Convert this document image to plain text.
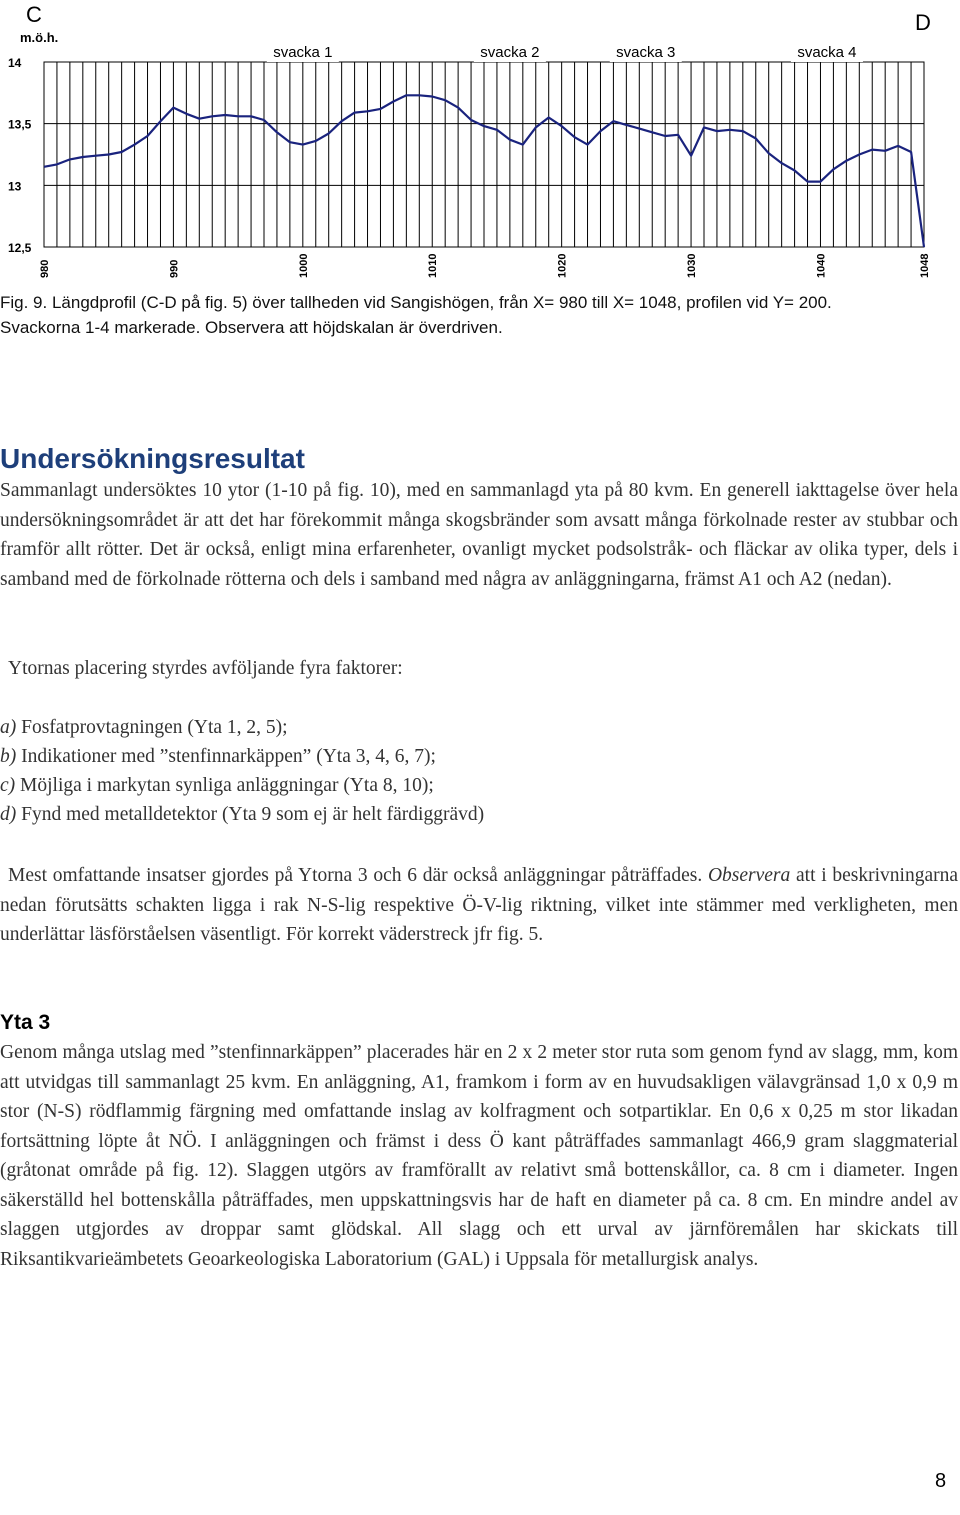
C	D
m.ö.h.
14
13,5
13
12,5
980	990	1000	1010	1020	1030	1040	1048
svacka 1	svacka 2	svacka 3	svacka 4
Fig. 9. Längdprofil (C-D på fig. 5) över tallheden vid Sangishögen, från X= 980 till X= 1048, profilen vid Y= 200.
Svackorna 1-4 markerade. Observera att höjdskalan är överdriven.
Undersökningsresultat
Sammanlagt undersöktes 10 ytor (1-10 på fig. 10), med en sammanlagd yta på 80 kvm. En generell iakttagelse över hela undersökningsområdet är att det har förekommit många skogsbränder som avsatt många förkolnade rester av stubbar och framför allt rötter. Det är också, enligt mina erfarenheter, ovanligt mycket podsolstråk- och fläckar av olika typer, dels i samband med de förkolnade rötterna och dels i samband med några av anläggningarna, främst A1 och A2 (nedan).
Ytornas placering styrdes avföljande fyra faktorer:
a) Fosfatprovtagningen (Yta 1, 2, 5);
b) Indikationer med ”stenfinnarkäppen” (Yta 3, 4, 6, 7);
c) Möjliga i markytan synliga anläggningar (Yta 8, 10);
d) Fynd med metalldetektor (Yta 9 som ej är helt färdiggrävd)
Mest omfattande insatser gjordes på Ytorna 3 och 6 där också anläggningar påträffades. Observera att i beskrivningarna nedan förutsätts schakten ligga i rak N-S-lig respektive Ö-V-lig riktning, vilket inte stämmer med verkligheten, men underlättar läsförståelsen väsentligt. För korrekt väderstreck jfr fig. 5.
Yta 3
Genom många utslag med ”stenfinnarkäppen” placerades här en 2 x 2 meter stor ruta som genom fynd av slagg, mm, kom att utvidgas till sammanlagt 25 kvm. En anläggning, A1, framkom i form av en huvudsakligen välavgränsad 1,0 x 0,9 m stor (N-S) rödflammig färgning med omfattande inslag av kolfragment och sotpartiklar. En 0,6 x 0,25 m stor likadan fortsättning löpte åt NÖ. I anläggningen och främst i dess Ö kant påträffades sammanlagt 466,9 gram slaggmaterial (gråtonat område på fig. 12). Slaggen utgörs av framförallt av relativt små bottenskållor, ca. 8 cm i diameter. Ingen säkerställd hel bottenskålla påträffades, men uppskattningsvis har de haft en diameter på ca. 8 cm. En mindre andel av slaggen utgjordes av droppar samt glödskal. All slagg och ett urval av järnföremålen har skickats till Riksantikvarieämbetets Geoarkeologiska Laboratorium (GAL) i Uppsala för metallurgisk analys.
8
